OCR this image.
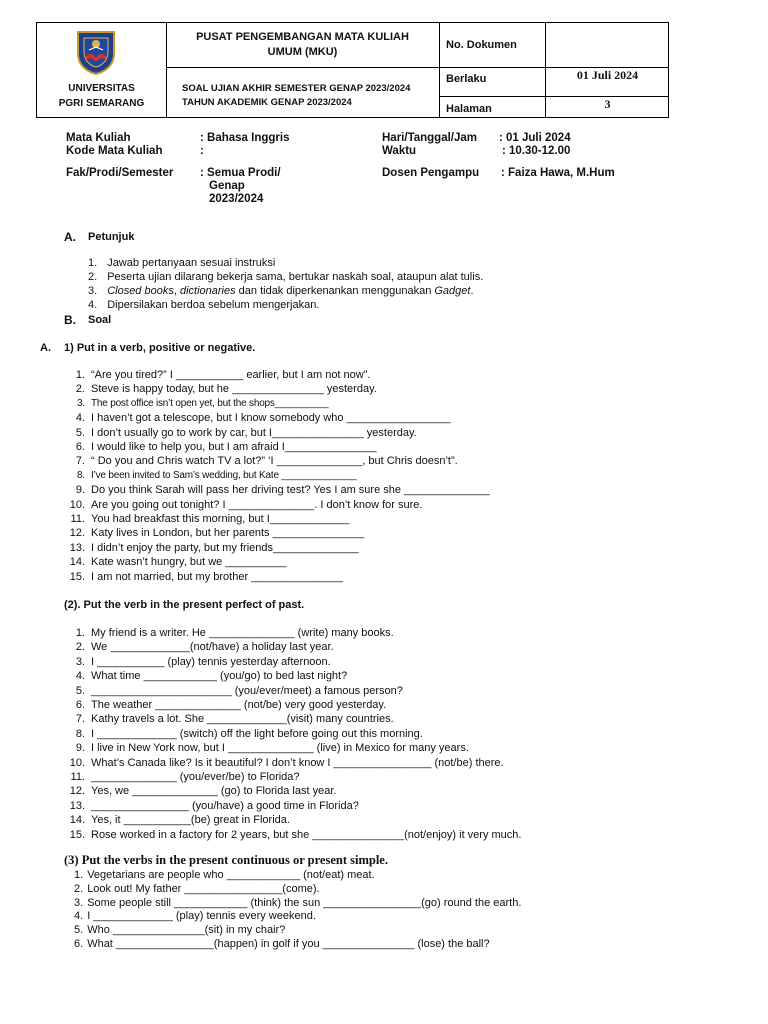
UNIVERSITAS
PGRI SEMARANG
PUSAT PENGEMBANGAN MATA KULIAH
UMUM (MKU)
SOAL UJIAN AKHIR SEMESTER GENAP 2023/2024
TAHUN AKADEMIK GENAP 2023/2024
No. Dokumen
Berlaku	01 Juli 2024
Halaman	3
Mata Kuliah	: Bahasa Inggris
Kode Mata Kuliah	:
Fak/Prodi/Semester : Semua Prodi/
Genap
2023/2024
Hari/Tanggal/Jam : 01 Juli 2024
Waktu	: 10.30-12.00
Dosen Pengampu : Faiza Hawa, M.Hum
A. Petunjuk
1. Jawab pertanyaan sesuai instruksi
2. Peserta ujian dilarang bekerja sama, bertukar naskah soal, ataupun alat tulis.
3. Closed books, dictionaries dan tidak diperkenankan menggunakan Gadget.
4. Dipersilakan berdoa sebelum mengerjakan.
B. Soal
A. 1) Put in a verb, positive or negative.
1. “Are you tired?” I ___________ earlier, but I am not now”.
2. Steve is happy today, but he _______________ yesterday.
3. The post office isn’t open yet, but the shops__________
4. I haven’t got a telescope, but I know somebody who _________________
5. I don’t usually go to work by car, but I_______________ yesterday.
6. I would like to help you, but I am afraid I_______________
7. “ Do you and Chris watch TV a lot?” ‘I ______________, but Chris doesn’t”.
8. I’ve been invited to Sam’s wedding, but Kate ______________
9. Do you think Sarah will pass her driving test? Yes I am sure she ______________
10. Are you going out tonight? I ______________. I don’t know for sure.
11. You had breakfast this morning, but I_____________
12. Katy lives in London, but her parents _______________
13. I didn’t enjoy the party, but my friends______________
14. Kate wasn’t hungry, but we __________
15. I am not married, but my brother _______________
(2). Put the verb in the present perfect of past.
1. My friend is a writer. He ______________ (write) many books.
2. We _____________(not/have) a holiday last year.
3. I ___________ (play) tennis yesterday afternoon.
4. What time ____________ (you/go) to bed last night?
5. _______________________ (you/ever/meet) a famous person?
6. The weather ______________ (not/be) very good yesterday.
7. Kathy travels a lot. She _____________(visit) many countries.
8. I _____________ (switch) off the light before going out this morning.
9. I live in New York now, but I ______________ (live) in Mexico for many years.
10. What’s Canada like? Is it beautiful? I don’t know I ________________ (not/be) there.
11. ______________ (you/ever/be) to Florida?
12. Yes, we ______________ (go) to Florida last year.
13. ________________ (you/have) a good time in Florida?
14. Yes, it ___________(be) great in Florida.
15. Rose worked in a factory for 2 years, but she _______________(not/enjoy) it very much.
(3) Put the verbs in the present continuous or present simple.
1. Vegetarians are people who ____________ (not/eat) meat.
2. Look out! My father ________________(come).
3. Some people still ____________ (think) the sun ________________(go) round the earth.
4. I _____________ (play) tennis every weekend.
5. Who _______________(sit) in my chair?
6. What ________________(happen) in golf if you _______________ (lose) the ball?
